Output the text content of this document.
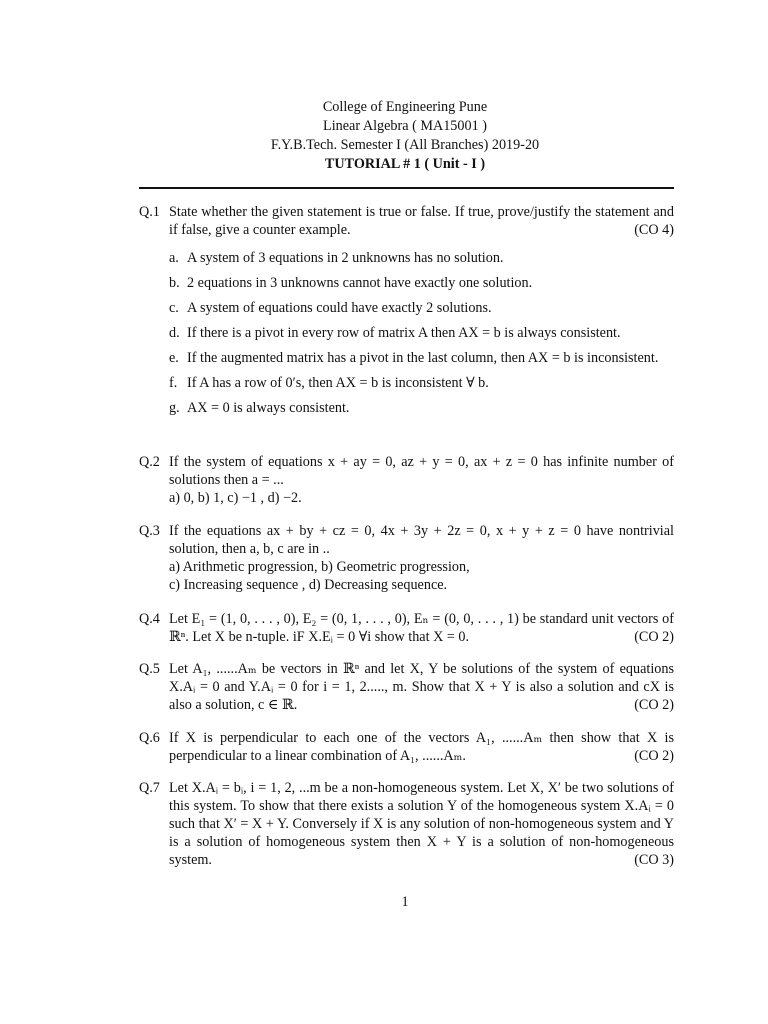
College of Engineering Pune
Linear Algebra ( MA15001 )
F.Y.B.Tech. Semester I (All Branches) 2019-20
TUTORIAL # 1 ( Unit - I )
Q.1 State whether the given statement is true or false. If true, prove/justify the statement and if false, give a counter example.	(CO 4)
a. A system of 3 equations in 2 unknowns has no solution.
b. 2 equations in 3 unknowns cannot have exactly one solution.
c. A system of equations could have exactly 2 solutions.
d. If there is a pivot in every row of matrix A then AX = b is always consistent.
e. If the augmented matrix has a pivot in the last column, then AX = b is inconsistent.
f. If A has a row of 0′s, then AX = b is inconsistent ∀ b.
g. AX = 0 is always consistent.
Q.2 If the system of equations x + ay = 0, az + y = 0, ax + z = 0 has infinite number of solutions then a = ...
a) 0, b) 1, c) −1 , d) −2.
Q.3 If the equations ax + by + cz = 0, 4x + 3y + 2z = 0, x + y + z = 0 have nontrivial solution, then a, b, c are in ..
a) Arithmetic progression, b) Geometric progression,
c) Increasing sequence , d) Decreasing sequence.
Q.4 Let E₁ = (1, 0, . . . , 0), E₂ = (0, 1, . . . , 0), Eₙ = (0, 0, . . . , 1) be standard unit vectors of ℝⁿ. Let X be n-tuple. iF X.Eᵢ = 0 ∀i show that X = 0.	(CO 2)
Q.5 Let A₁, ......Aₘ be vectors in ℝⁿ and let X, Y be solutions of the system of equations X.Aᵢ = 0 and Y.Aᵢ = 0 for i = 1, 2....., m. Show that X + Y is also a solution and cX is also a solution, c ∈ ℝ.	(CO 2)
Q.6 If X is perpendicular to each one of the vectors A₁, ......Aₘ then show that X is perpendicular to a linear combination of A₁, ......Aₘ.	(CO 2)
Q.7 Let X.Aᵢ = bᵢ, i = 1, 2, ...m be a non-homogeneous system. Let X, X′ be two solutions of this system. To show that there exists a solution Y of the homogeneous system X.Aᵢ = 0 such that X′ = X + Y. Conversely if X is any solution of non-homogeneous system and Y is a solution of homogeneous system then X + Y is a solution of non-homogeneous system.	(CO 3)
1
